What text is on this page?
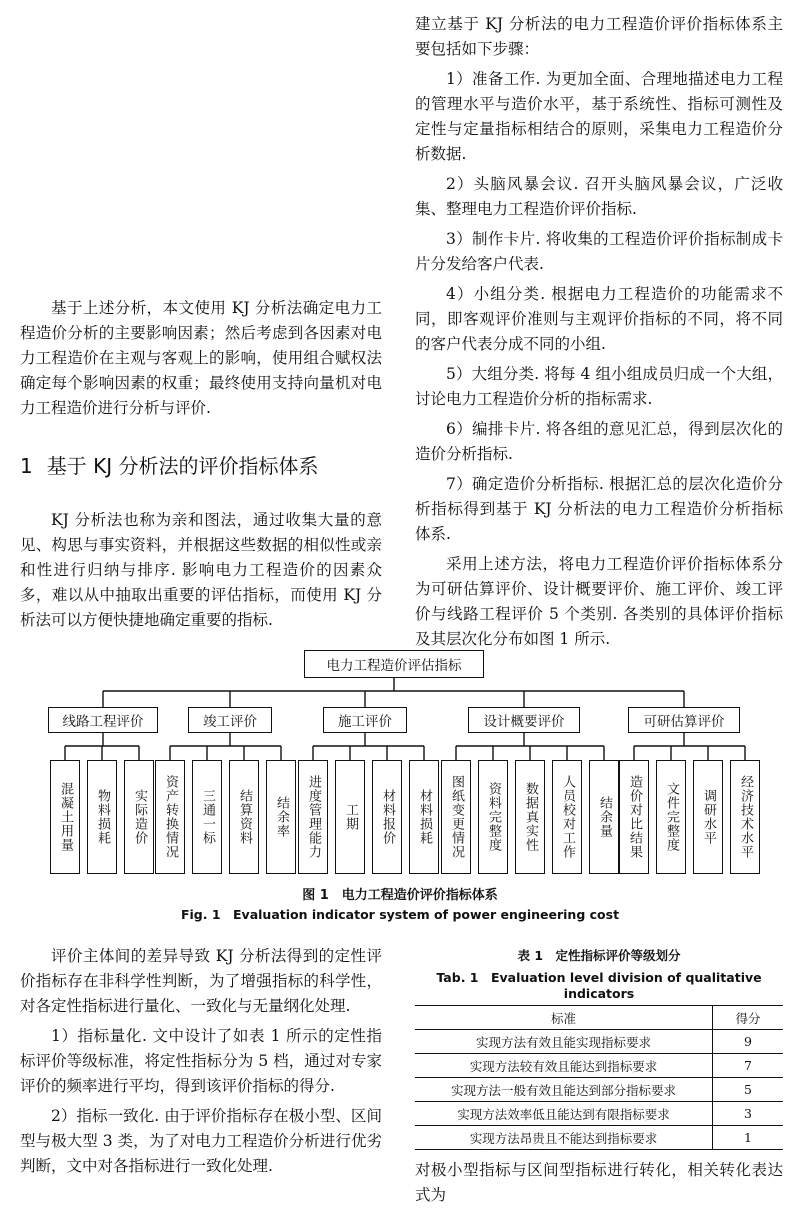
建立基于 KJ 分析法的电力工程造价评价指标体系主要包括如下步骤：

1）准备工作. 为更加全面、合理地描述电力工程的管理水平与造价水平，基于系统性、指标可测性及定性与定量指标相结合的原则，采集电力工程造价分析数据.

2）头脑风暴会议. 召开头脑风暴会议，广泛收集、整理电力工程造价评价指标.

3）制作卡片. 将收集的工程造价评价指标制成卡片分发给客户代表.

4）小组分类. 根据电力工程造价的功能需求不同，即客观评价准则与主观评价指标的不同，将不同的客户代表分成不同的小组.

5）大组分类. 将每 4 组小组成员归成一个大组，讨论电力工程造价分析的指标需求.

6）编排卡片. 将各组的意见汇总，得到层次化的造价分析指标.

7）确定造价分析指标. 根据汇总的层次化造价分析指标得到基于 KJ 分析法的电力工程造价分析指标体系.

采用上述方法，将电力工程造价评价指标体系分为可研估算评价、设计概要评价、施工评价、竣工评价与线路工程评价 5 个类别. 各类别的具体评价指标及其层次化分布如图 1 所示.

基于上述分析，本文使用 KJ 分析法确定电力工程造价分析的主要影响因素；然后考虑到各因素对电力工程造价在主观与客观上的影响，使用组合赋权法确定每个影响因素的权重；最终使用支持向量机对电力工程造价进行分析与评价.

1 基于 KJ 分析法的评价指标体系

KJ 分析法也称为亲和图法，通过收集大量的意见、构思与事实资料，并根据这些数据的相似性或亲和性进行归纳与排序. 影响电力工程造价的因素众多，难以从中抽取出重要的评估指标，而使用 KJ 分析法可以方便快捷地确定重要的指标.

电力工程造价评估指标
线路工程评价
混凝土用量	物料损耗	实际造价
竣工评价
资产转换情况	三通一标	结算资料	结余率
施工评价
进度管理能力	工期	材料报价	材料损耗
设计概要评价
图纸变更情况	资料完整度	数据真实性	人员校对工作	结余量
可研估算评价
造价对比结果	文件完整度	调研水平	经济技术水平
图 1　电力工程造价评价指标体系
Fig. 1　Evaluation indicator system of power engineering cost

评价主体间的差异导致 KJ 分析法得到的定性评价指标存在非科学性判断，为了增强指标的科学性，对各定性指标进行量化、一致化与无量纲化处理.

1）指标量化. 文中设计了如表 1 所示的定性指标评价等级标准，将定性指标分为 5 档，通过对专家评价的频率进行平均，得到该评价指标的得分.

2）指标一致化. 由于评价指标存在极小型、区间型与极大型 3 类，为了对电力工程造价分析进行优劣判断，文中对各指标进行一致化处理.

表 1　定性指标评价等级划分
Tab. 1　Evaluation level division of qualitative indicators
标准	得分
实现方法有效且能实现指标要求	9
实现方法较有效且能达到指标要求	7
实现方法一般有效且能达到部分指标要求	5
实现方法效率低且能达到有限指标要求	3
实现方法昂贵且不能达到指标要求	1

对极小型指标与区间型指标进行转化，相关转化表达式为
